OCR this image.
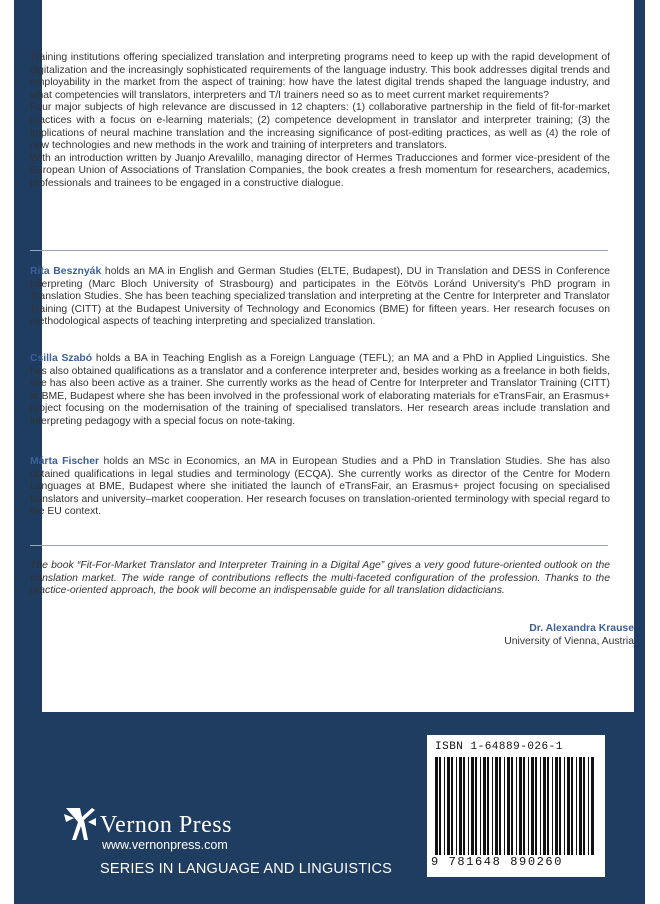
Training institutions offering specialized translation and interpreting programs need to keep up with the rapid development of digitalization and the increasingly sophisticated requirements of the language industry. This book addresses digital trends and employability in the market from the aspect of training: how have the latest digital trends shaped the language industry, and what competencies will translators, interpreters and T/I trainers need so as to meet current market requirements?

Four major subjects of high relevance are discussed in 12 chapters: (1) collaborative partnership in the field of fit-for-market practices with a focus on e-learning materials; (2) competence development in translator and interpreter training; (3) the implications of neural machine translation and the increasing significance of post-editing practices, as well as (4) the role of new technologies and new methods in the work and training of interpreters and translators.

With an introduction written by Juanjo Arevalillo, managing director of Hermes Traducciones and former vice-president of the European Union of Associations of Translation Companies, the book creates a fresh momentum for researchers, academics, professionals and trainees to be engaged in a constructive dialogue.

Rita Besznyák holds an MA in English and German Studies (ELTE, Budapest), DU in Translation and DESS in Conference Interpreting (Marc Bloch University of Strasbourg) and participates in the Eötvös Loránd University's PhD program in Translation Studies. She has been teaching specialized translation and interpreting at the Centre for Interpreter and Translator Training (CITT) at the Budapest University of Technology and Economics (BME) for fifteen years. Her research focuses on methodological aspects of teaching interpreting and specialized translation.
Csilla Szabó holds a BA in Teaching English as a Foreign Language (TEFL); an MA and a PhD in Applied Linguistics. She has also obtained qualifications as a translator and a conference interpreter and, besides working as a freelance in both fields, she has also been active as a trainer. She currently works as the head of Centre for Interpreter and Translator Training (CITT) at BME, Budapest where she has been involved in the professional work of elaborating materials for eTransFair, an Erasmus+ project focusing on the modernisation of the training of specialised translators. Her research areas include translation and interpreting pedagogy with a special focus on note-taking.
Márta Fischer holds an MSc in Economics, an MA in European Studies and a PhD in Translation Studies. She has also obtained qualifications in legal studies and terminology (ECQA). She currently works as director of the Centre for Modern Languages at BME, Budapest where she initiated the launch of eTransFair, an Erasmus+ project focusing on specialised translators and university–market cooperation. Her research focuses on translation-oriented terminology with special regard to the EU context.

The book “Fit-For-Market Translator and Interpreter Training in a Digital Age” gives a very good future-oriented outlook on the translation market. The wide range of contributions reflects the multi-faceted configuration of the profession. Thanks to the practice-oriented approach, the book will become an indispensable guide for all translation didacticians.

Dr. Alexandra Krause
University of Vienna, Austria
ISBN 1-64889-026-1
9 781648 890260
Vernon Press
www.vernonpress.com
SERIES IN LANGUAGE AND LINGUISTICS
